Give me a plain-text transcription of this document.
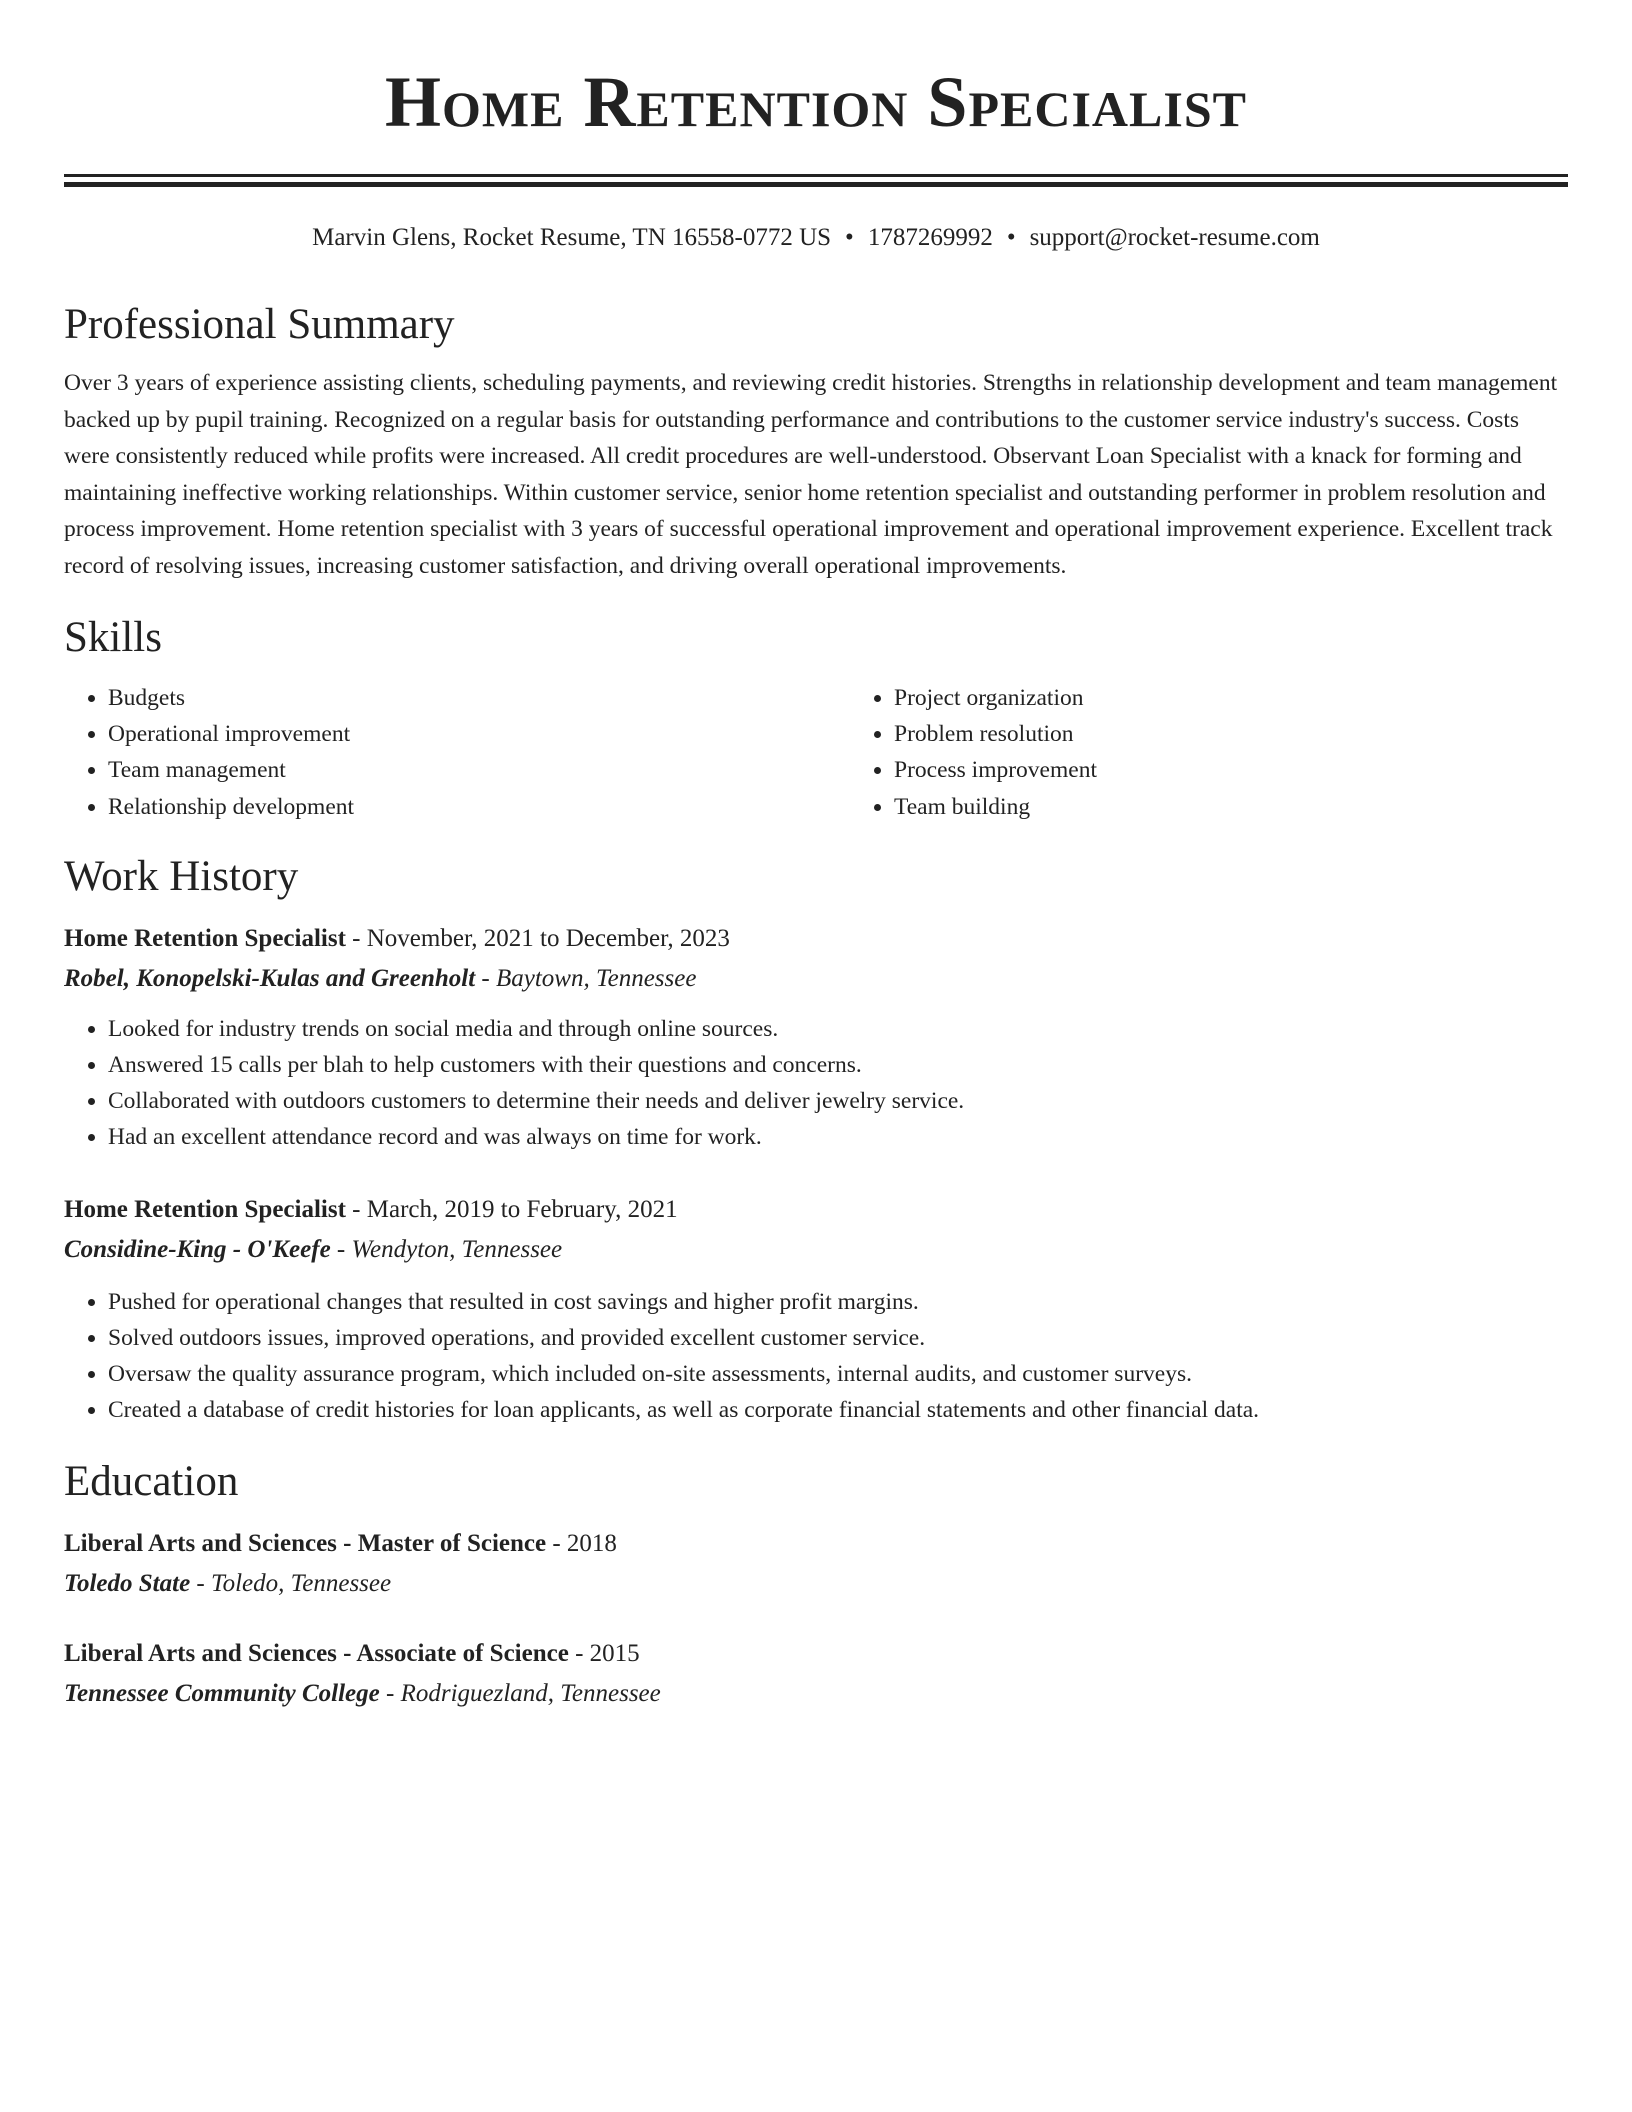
Home Retention Specialist
Marvin Glens, Rocket Resume, TN 16558-0772 US • 1787269992 • support@rocket-resume.com
Professional Summary

Over 3 years of experience assisting clients, scheduling payments, and reviewing credit histories. Strengths in relationship development and team management backed up by pupil training. Recognized on a regular basis for outstanding performance and contributions to the customer service industry's success. Costs were consistently reduced while profits were increased. All credit procedures are well-understood. Observant Loan Specialist with a knack for forming and maintaining ineffective working relationships. Within customer service, senior home retention specialist and outstanding performer in problem resolution and process improvement. Home retention specialist with 3 years of successful operational improvement and operational improvement experience. Excellent track record of resolving issues, increasing customer satisfaction, and driving overall operational improvements.

Skills
• Budgets
• Operational improvement
• Team management
• Relationship development
• Project organization
• Problem resolution
• Process improvement
• Team building
Work History
Home Retention Specialist - November, 2021 to December, 2023
Robel, Konopelski-Kulas and Greenholt - Baytown, Tennessee
• Looked for industry trends on social media and through online sources.
• Answered 15 calls per blah to help customers with their questions and concerns.
• Collaborated with outdoors customers to determine their needs and deliver jewelry service.
• Had an excellent attendance record and was always on time for work.
Home Retention Specialist - March, 2019 to February, 2021
Considine-King - O'Keefe - Wendyton, Tennessee
• Pushed for operational changes that resulted in cost savings and higher profit margins.
• Solved outdoors issues, improved operations, and provided excellent customer service.
• Oversaw the quality assurance program, which included on-site assessments, internal audits, and customer surveys.
• Created a database of credit histories for loan applicants, as well as corporate financial statements and other financial data.
Education
Liberal Arts and Sciences - Master of Science - 2018
Toledo State - Toledo, Tennessee
Liberal Arts and Sciences - Associate of Science - 2015
Tennessee Community College - Rodriguezland, Tennessee
